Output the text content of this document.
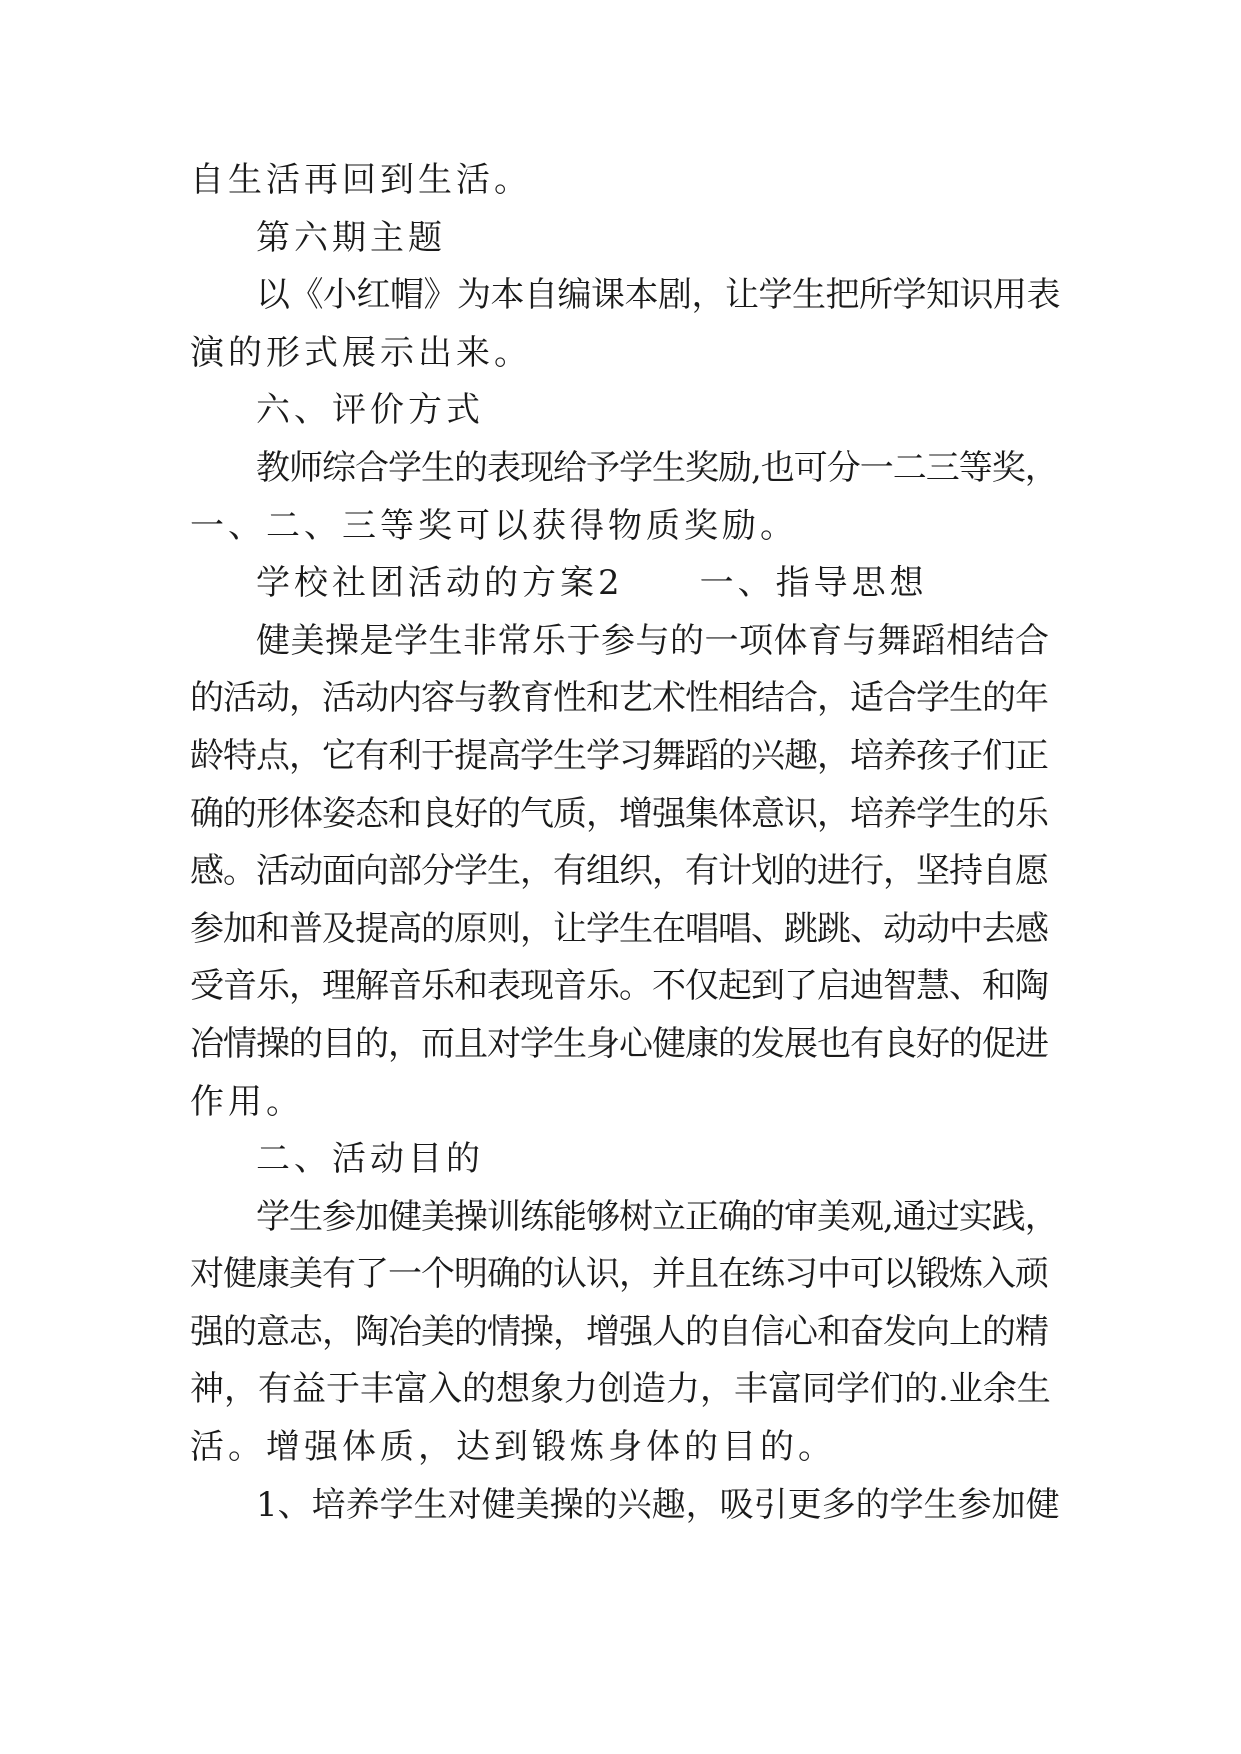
自生活再回到生活。
第六期主题
以《小红帽》为本自编课本剧，让学生把所学知识用表
演的形式展示出来。
六、评价方式
教师综合学生的表现给予学生奖励,也可分一二三等奖，
一、二、三等奖可以获得物质奖励。
学校社团活动的方案2　　一、指导思想
健美操是学生非常乐于参与的一项体育与舞蹈相结合
的活动，活动内容与教育性和艺术性相结合，适合学生的年
龄特点，它有利于提高学生学习舞蹈的兴趣，培养孩子们正
确的形体姿态和良好的气质，增强集体意识，培养学生的乐
感。活动面向部分学生，有组织，有计划的进行，坚持自愿
参加和普及提高的原则，让学生在唱唱、跳跳、动动中去感
受音乐，理解音乐和表现音乐。不仅起到了启迪智慧、和陶
冶情操的目的，而且对学生身心健康的发展也有良好的促进
作用。
二、活动目的
学生参加健美操训练能够树立正确的审美观,通过实践，
对健康美有了一个明确的认识，并且在练习中可以锻炼入顽
强的意志，陶冶美的情操，增强人的自信心和奋发向上的精
神，有益于丰富入的想象力创造力，丰富同学们的.业余生
活。增强体质，达到锻炼身体的目的。
1、培养学生对健美操的兴趣，吸引更多的学生参加健
